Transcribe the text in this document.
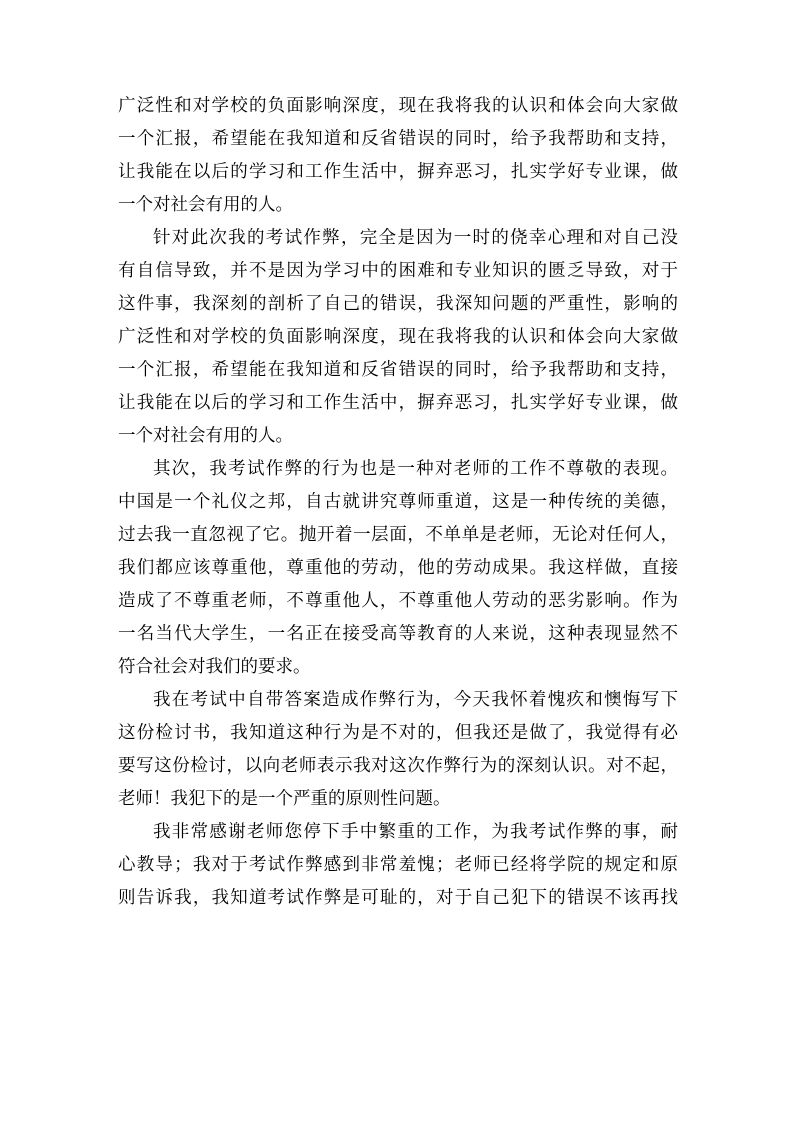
广泛性和对学校的负面影响深度，现在我将我的认识和体会向大家做
一个汇报，希望能在我知道和反省错误的同时，给予我帮助和支持，
让我能在以后的学习和工作生活中，摒弃恶习，扎实学好专业课，做
一个对社会有用的人。
针对此次我的考试作弊，完全是因为一时的侥幸心理和对自己没
有自信导致，并不是因为学习中的困难和专业知识的匮乏导致，对于
这件事，我深刻的剖析了自己的错误，我深知问题的严重性，影响的
广泛性和对学校的负面影响深度，现在我将我的认识和体会向大家做
一个汇报，希望能在我知道和反省错误的同时，给予我帮助和支持，
让我能在以后的学习和工作生活中，摒弃恶习，扎实学好专业课，做
一个对社会有用的人。
其次，我考试作弊的行为也是一种对老师的工作不尊敬的表现。
中国是一个礼仪之邦，自古就讲究尊师重道，这是一种传统的美德，
过去我一直忽视了它。抛开着一层面，不单单是老师，无论对任何人，
我们都应该尊重他，尊重他的劳动，他的劳动成果。我这样做，直接
造成了不尊重老师，不尊重他人，不尊重他人劳动的恶劣影响。作为
一名当代大学生，一名正在接受高等教育的人来说，这种表现显然不
符合社会对我们的要求。
我在考试中自带答案造成作弊行为，今天我怀着愧疚和懊悔写下
这份检讨书，我知道这种行为是不对的，但我还是做了，我觉得有必
要写这份检讨，以向老师表示我对这次作弊行为的深刻认识。对不起，
老师！我犯下的是一个严重的原则性问题。
我非常感谢老师您停下手中繁重的工作，为我考试作弊的事，耐
心教导；我对于考试作弊感到非常羞愧；老师已经将学院的规定和原
则告诉我，我知道考试作弊是可耻的，对于自己犯下的错误不该再找
